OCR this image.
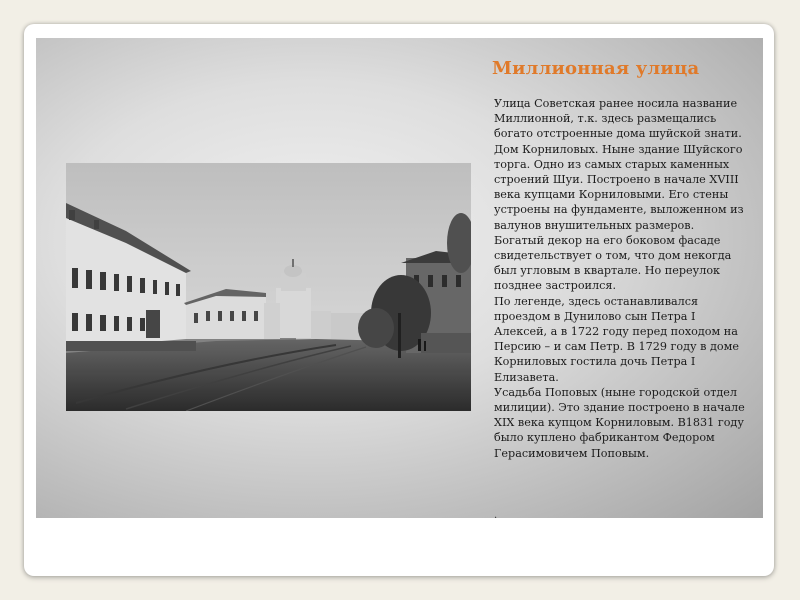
Миллионная улица

Улица Советская ранее носила название Миллионной, т.к. здесь размещались богато отстроенные дома шуйской знати.

Дом Корниловых. Ныне здание Шуйского торга. Одно из самых старых каменных строений Шуи. Построено в начале XVIII века купцами Корниловыми. Его стены устроены на фундаменте, выложенном из валунов внушительных размеров. Богатый декор на его боковом фасаде свидетельствует о том, что дом некогда был угловым в квартале. Но переулок позднее застроился.

По легенде, здесь останавливался проездом в Дунилово сын Петра I Алексей, а в 1722 году перед походом на Персию – и сам Петр. В 1729 году в доме Корниловых гостила дочь Петра I Елизавета.

Усадьба Поповых (ныне городской отдел милиции). Это здание построено в начале XIX века купцом Корниловым. В1831 году было куплено фабрикантом Федором Герасимовичем Поповым.

.
